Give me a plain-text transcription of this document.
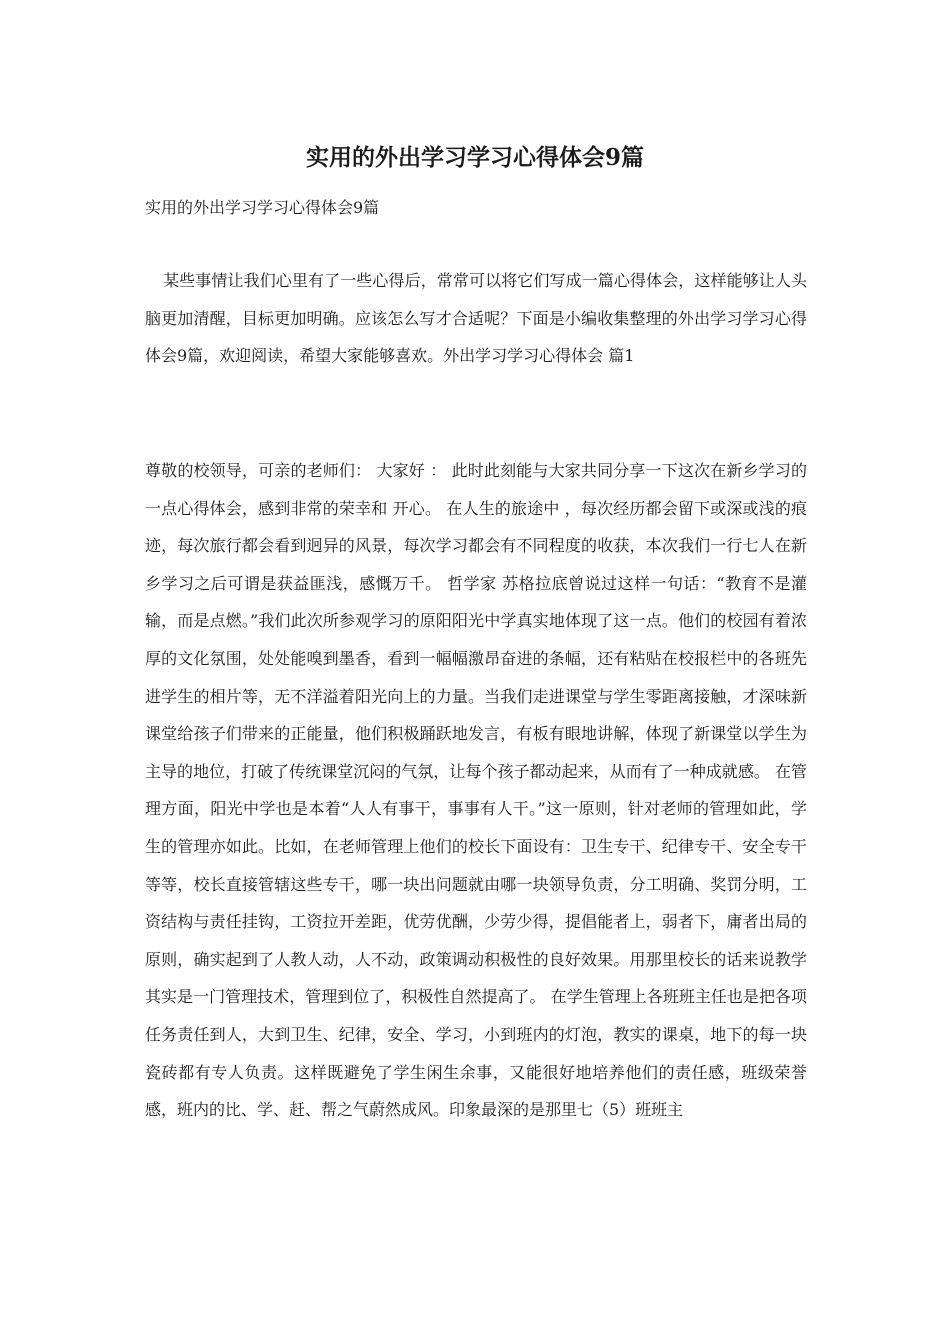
实用的外出学习学习心得体会9篇

实用的外出学习学习心得体会9篇

某些事情让我们心里有了一些心得后，常常可以将它们写成一篇心得体会，这样能够让人头脑更加清醒，目标更加明确。应该怎么写才合适呢？下面是小编收集整理的外出学习学习心得体会9篇，欢迎阅读，希望大家能够喜欢。外出学习学习心得体会 篇1

尊敬的校领导，可亲的老师们： 大家好 ： 此时此刻能与大家共同分享一下这次在新乡学习的一点心得体会，感到非常的荣幸和 开心。 在人生的旅途中 ，每次经历都会留下或深或浅的痕迹，每次旅行都会看到迥异的风景，每次学习都会有不同程度的收获，本次我们一行七人在新乡学习之后可谓是获益匪浅，感慨万千。 哲学家 苏格拉底曾说过这样一句话：“教育不是灌输，而是点燃。”我们此次所参观学习的原阳阳光中学真实地体现了这一点。他们的校园有着浓厚的文化氛围，处处能嗅到墨香，看到一幅幅激昂奋进的条幅，还有粘贴在校报栏中的各班先进学生的相片等，无不洋溢着阳光向上的力量。当我们走进课堂与学生零距离接触，才深味新课堂给孩子们带来的正能量，他们积极踊跃地发言，有板有眼地讲解，体现了新课堂以学生为主导的地位，打破了传统课堂沉闷的气氛，让每个孩子都动起来，从而有了一种成就感。 在管理方面，阳光中学也是本着“人人有事干，事事有人干。”这一原则，针对老师的管理如此，学生的管理亦如此。比如，在老师管理上他们的校长下面设有：卫生专干、纪律专干、安全专干等等，校长直接管辖这些专干，哪一块出问题就由哪一块领导负责，分工明确、奖罚分明，工资结构与责任挂钩，工资拉开差距，优劳优酬，少劳少得，提倡能者上，弱者下，庸者出局的原则，确实起到了人教人动，人不动，政策调动积极性的良好效果。用那里校长的话来说教学其实是一门管理技术，管理到位了，积极性自然提高了。 在学生管理上各班班主任也是把各项任务责任到人，大到卫生、纪律，安全、学习，小到班内的灯泡，教实的课桌，地下的每一块瓷砖都有专人负责。这样既避免了学生闲生余事，又能很好地培养他们的责任感，班级荣誉感，班内的比、学、赶、帮之气蔚然成风。印象最深的是那里七（5）班班主
